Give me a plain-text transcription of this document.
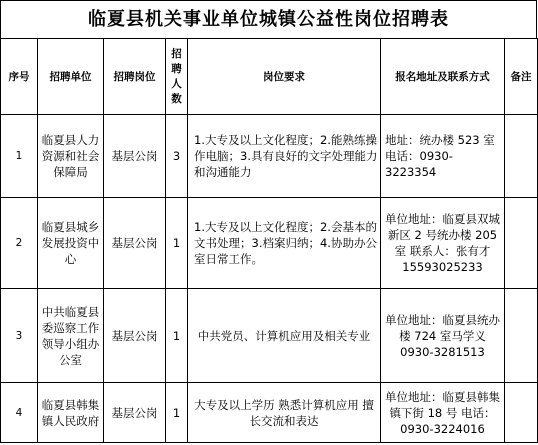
临夏县机关事业单位城镇公益性岗位招聘表
序号	招聘单位	招聘岗位	招聘人数	岗位要求	报名地址及联系方式	备注
1	临夏县人力资源和社会保障局	基层公岗	3	1.大专及以上文化程度；2.能熟练操作电脑；3.具有良好的文字处理能力和沟通能力	地址：统办楼 523 室 电话：0930-3223354	
2	临夏县城乡发展投资中心	基层公岗	1	1.大专及以上文化程度；2.会基本的文书处理；3.档案归纳；4.协助办公室日常工作。	单位地址：临夏县双城新区 2 号统办楼 205 室 联系人：张有才 15593025233	
3	中共临夏县委巡察工作领导小组办公室	基层公岗	1	中共党员、计算机应用及相关专业	单位地址：临夏县统办楼 724 室马学义 0930-3281513	
4	临夏县韩集镇人民政府	基层公岗	1	大专及以上学历 熟悉计算机应用 擅长交流和表达	单位地址：临夏县韩集镇下街 18 号 电话：0930-3224016	
